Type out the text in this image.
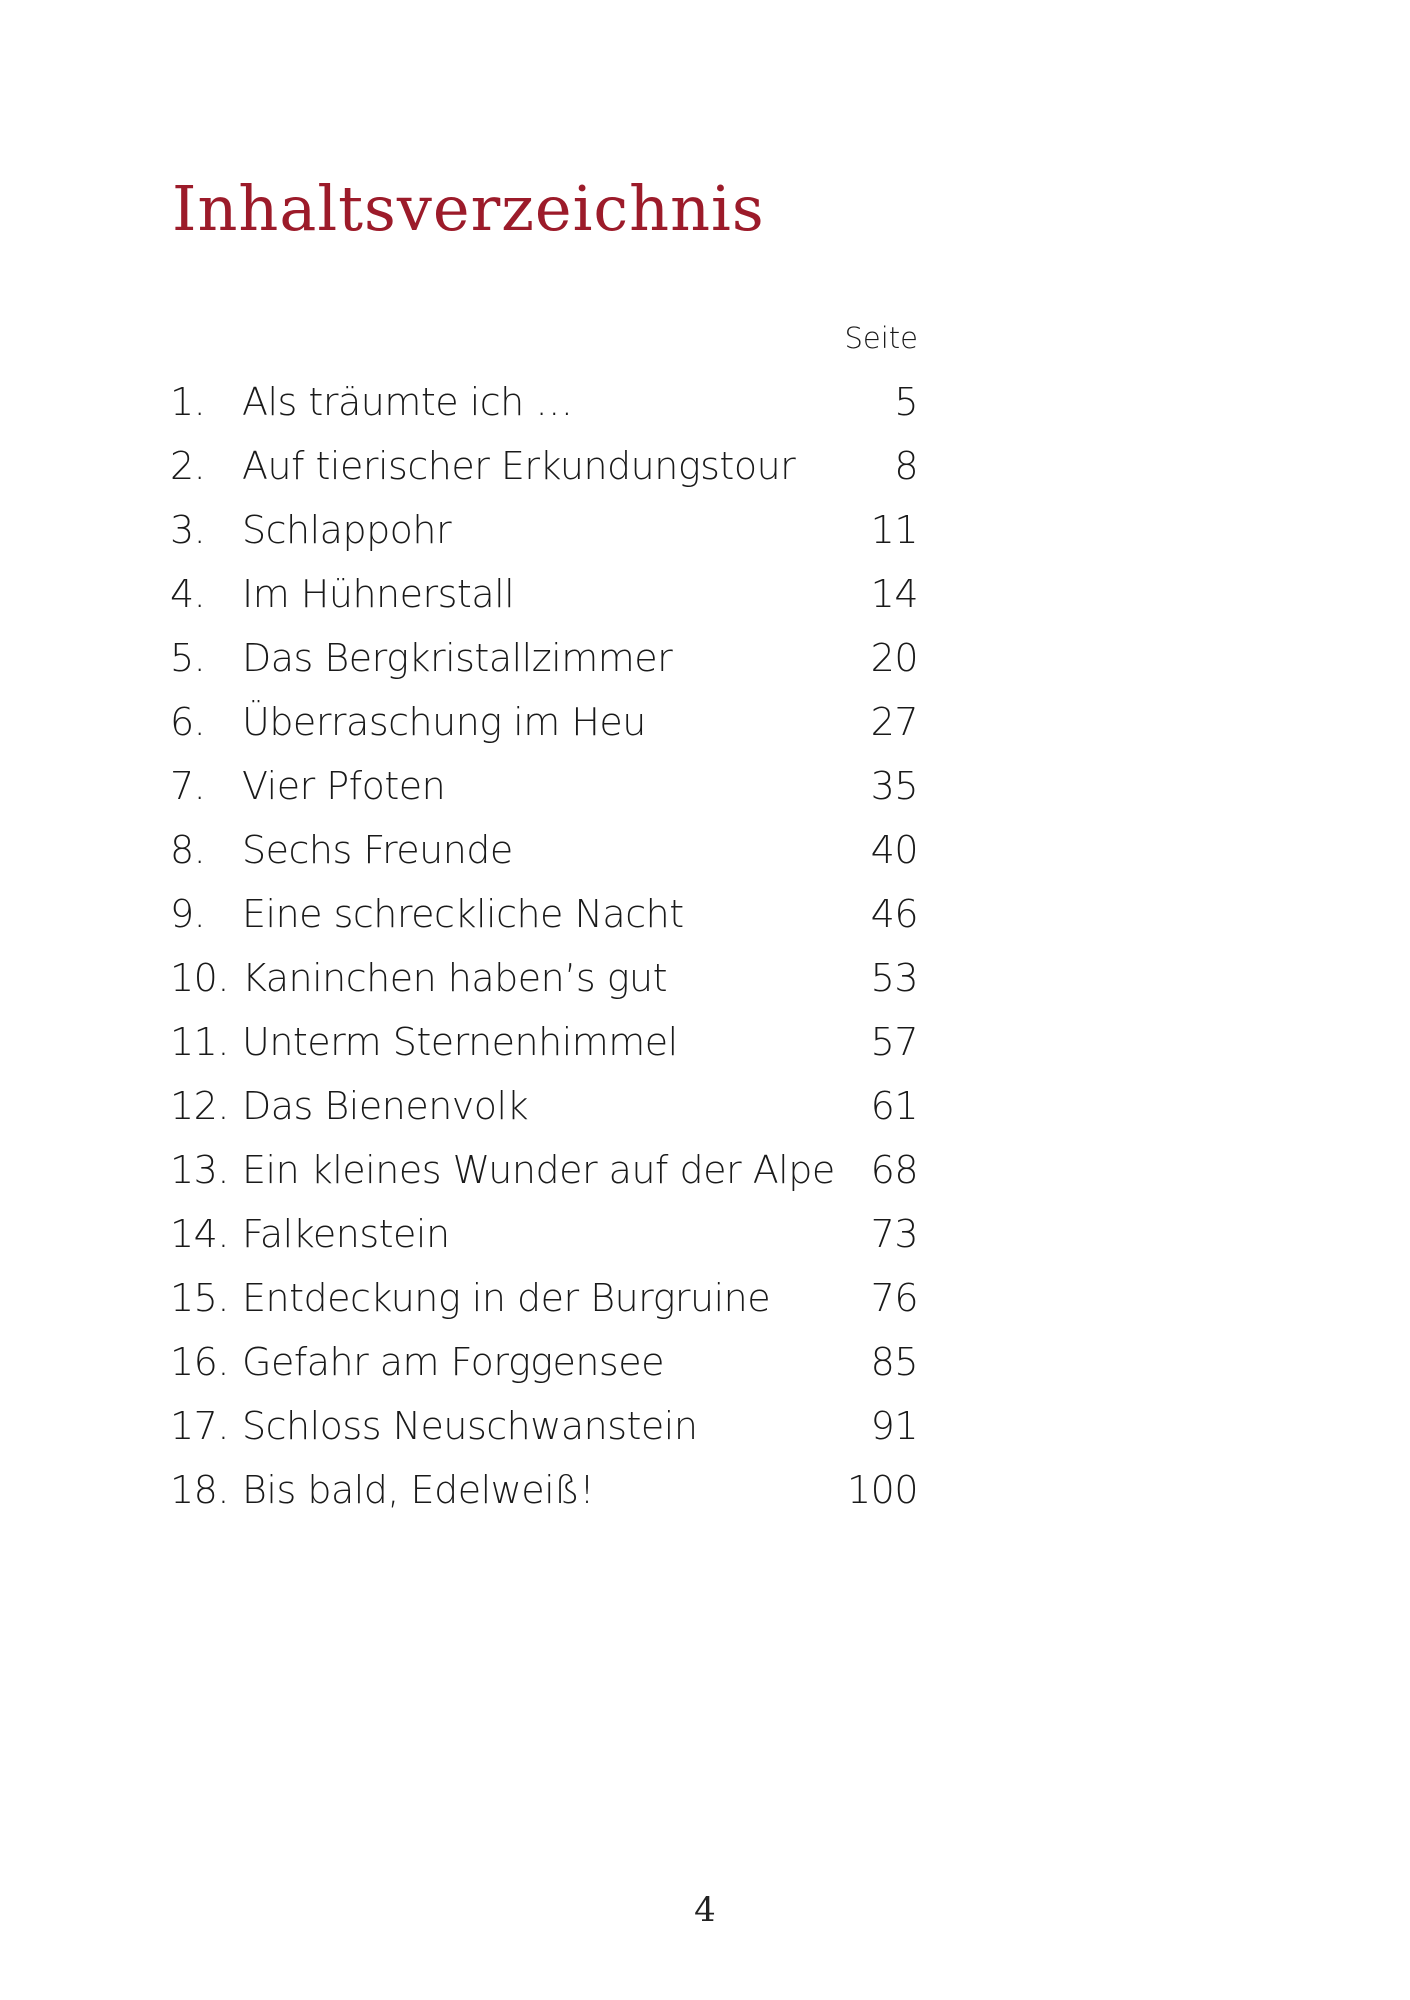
Inhaltsverzeichnis
Seite
1. Als träumte ich …	5
2. Auf tierischer Erkundungstour	8
3. Schlappohr	11
4. Im Hühnerstall	14
5. Das Bergkristallzimmer	20
6. Überraschung im Heu	27
7. Vier Pfoten	35
8. Sechs Freunde	40
9. Eine schreckliche Nacht	46
10. Kaninchen haben’s gut	53
11. Unterm Sternenhimmel	57
12. Das Bienenvolk	61
13. Ein kleines Wunder auf der Alpe 68
14. Falkenstein	73
15. Entdeckung in der Burgruine	76
16. Gefahr am Forggensee	85
17. Schloss Neuschwanstein	91
18. Bis bald, Edelweiß!	100
4
